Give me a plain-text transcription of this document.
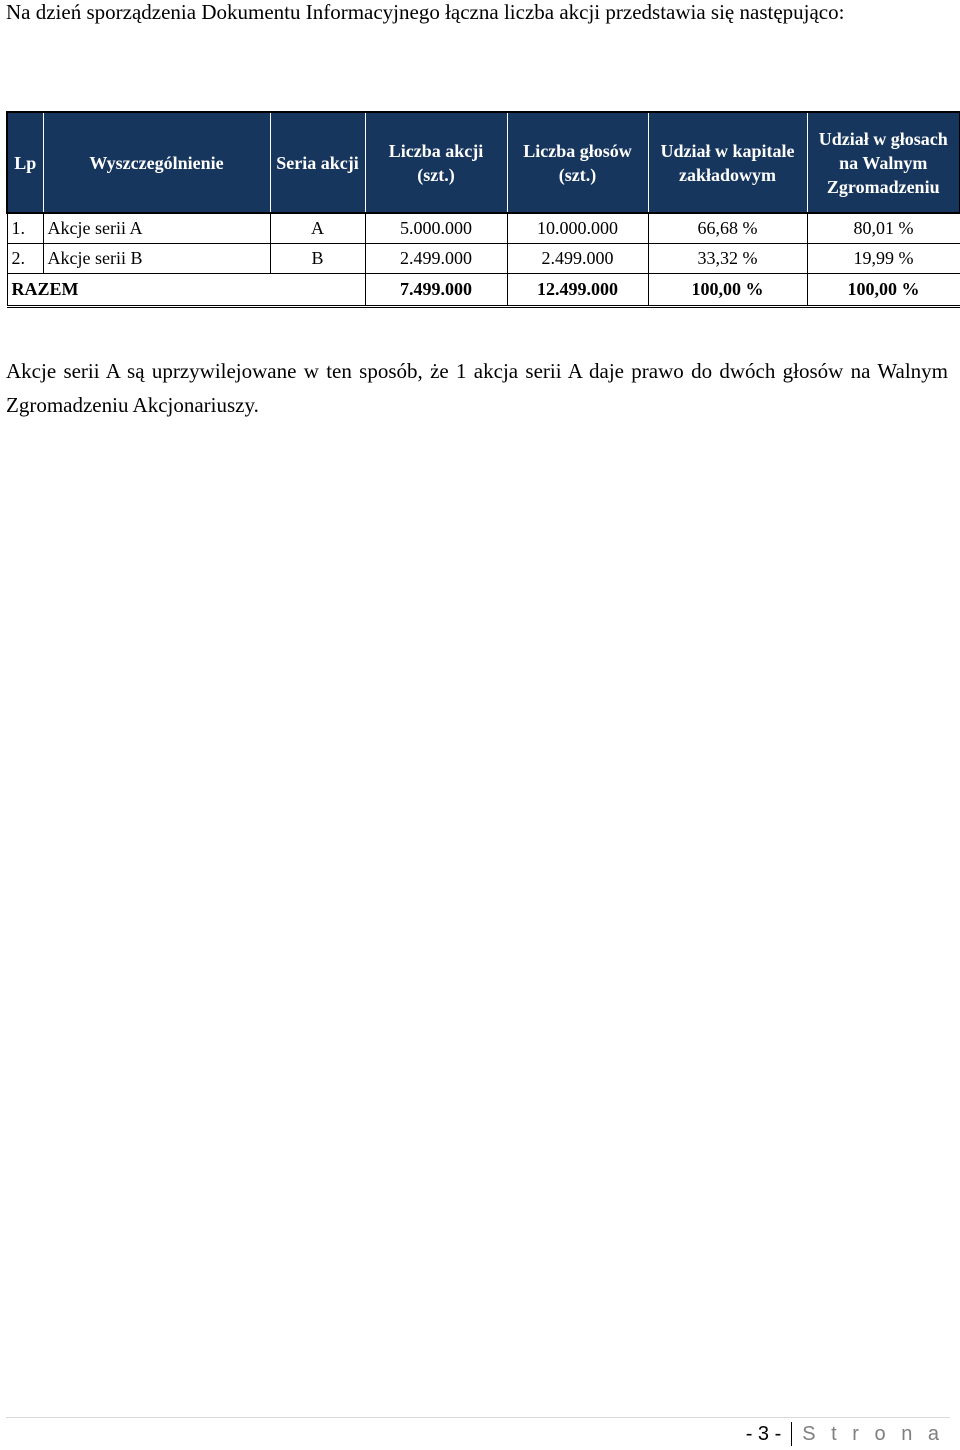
Na dzień sporządzenia Dokumentu Informacyjnego łączna liczba akcji przedstawia się następująco:

Lp	Wyszczególnienie	Seria akcji	Liczba akcji (szt.)	Liczba głosów (szt.)	Udział w kapitale zakładowym	Udział w głosach na Walnym Zgromadzeniu
1.	Akcje serii A	A	5.000.000	10.000.000	66,68 %	80,01 %
2.	Akcje serii B	B	2.499.000	2.499.000	33,32 %	19,99 %
RAZEM			7.499.000	12.499.000	100,00 %	100,00 %

Akcje serii A są uprzywilejowane w ten sposób, że 1 akcja serii A daje prawo do dwóch głosów na Walnym Zgromadzeniu Akcjonariuszy.

- 3 - S t r o n a
